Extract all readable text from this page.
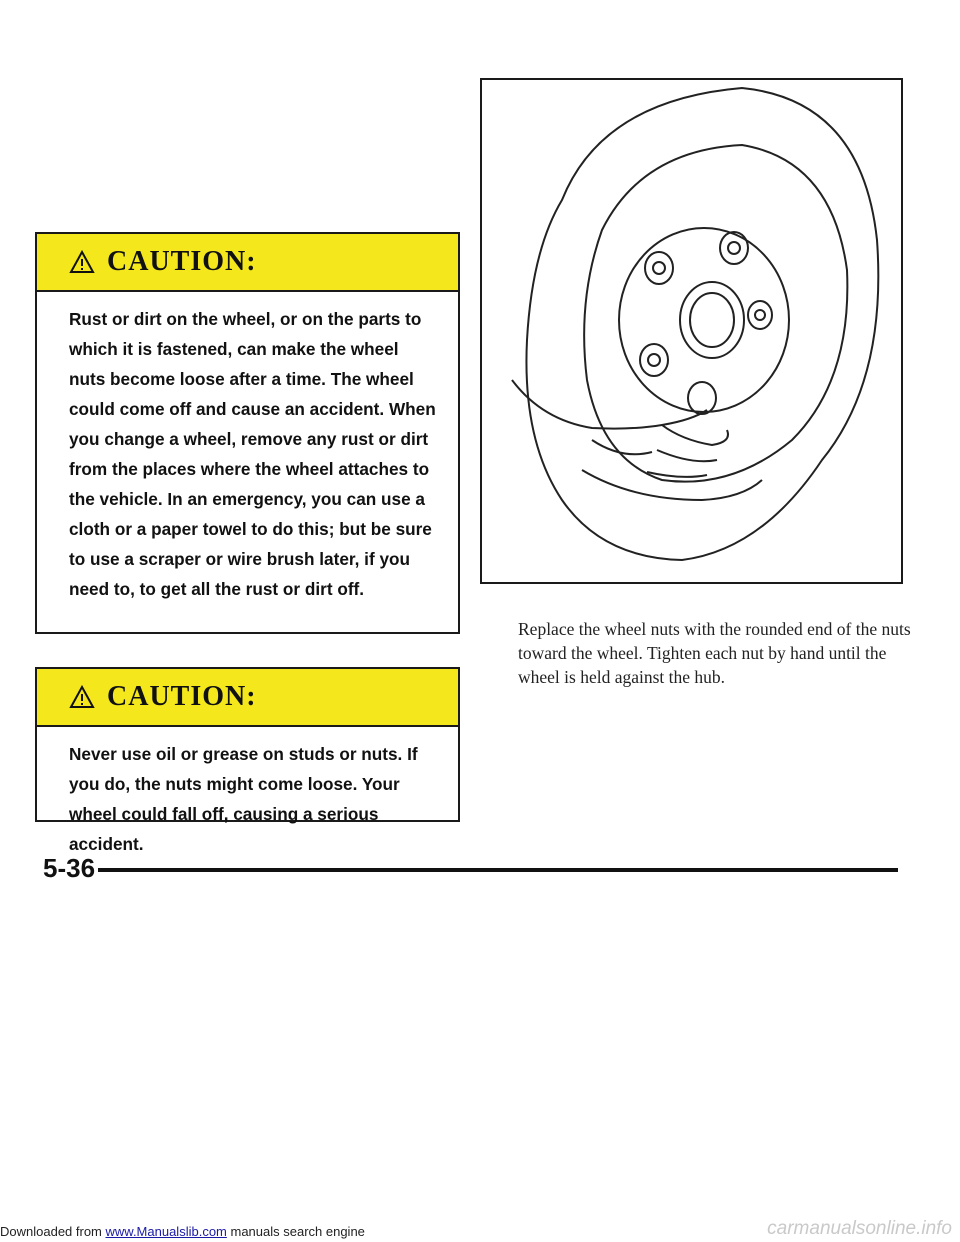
CAUTION:
Rust or dirt on the wheel, or on the parts to which it is fastened, can make the wheel nuts become loose after a time. The wheel could come off and cause an accident. When you change a wheel, remove any rust or dirt from the places where the wheel attaches to the vehicle. In an emergency, you can use a cloth or a paper towel to do this; but be sure to use a scraper or wire brush later, if you need to, to get all the rust or dirt off.
CAUTION:
Never use oil or grease on studs or nuts. If you do, the nuts might come loose. Your wheel could fall off, causing a serious accident.

Replace the wheel nuts with the rounded end of the nuts toward the wheel. Tighten each nut by hand until the wheel is held against the hub.

5-36
Downloaded from www.Manualslib.com manuals search engine	carmanualsonline.info
